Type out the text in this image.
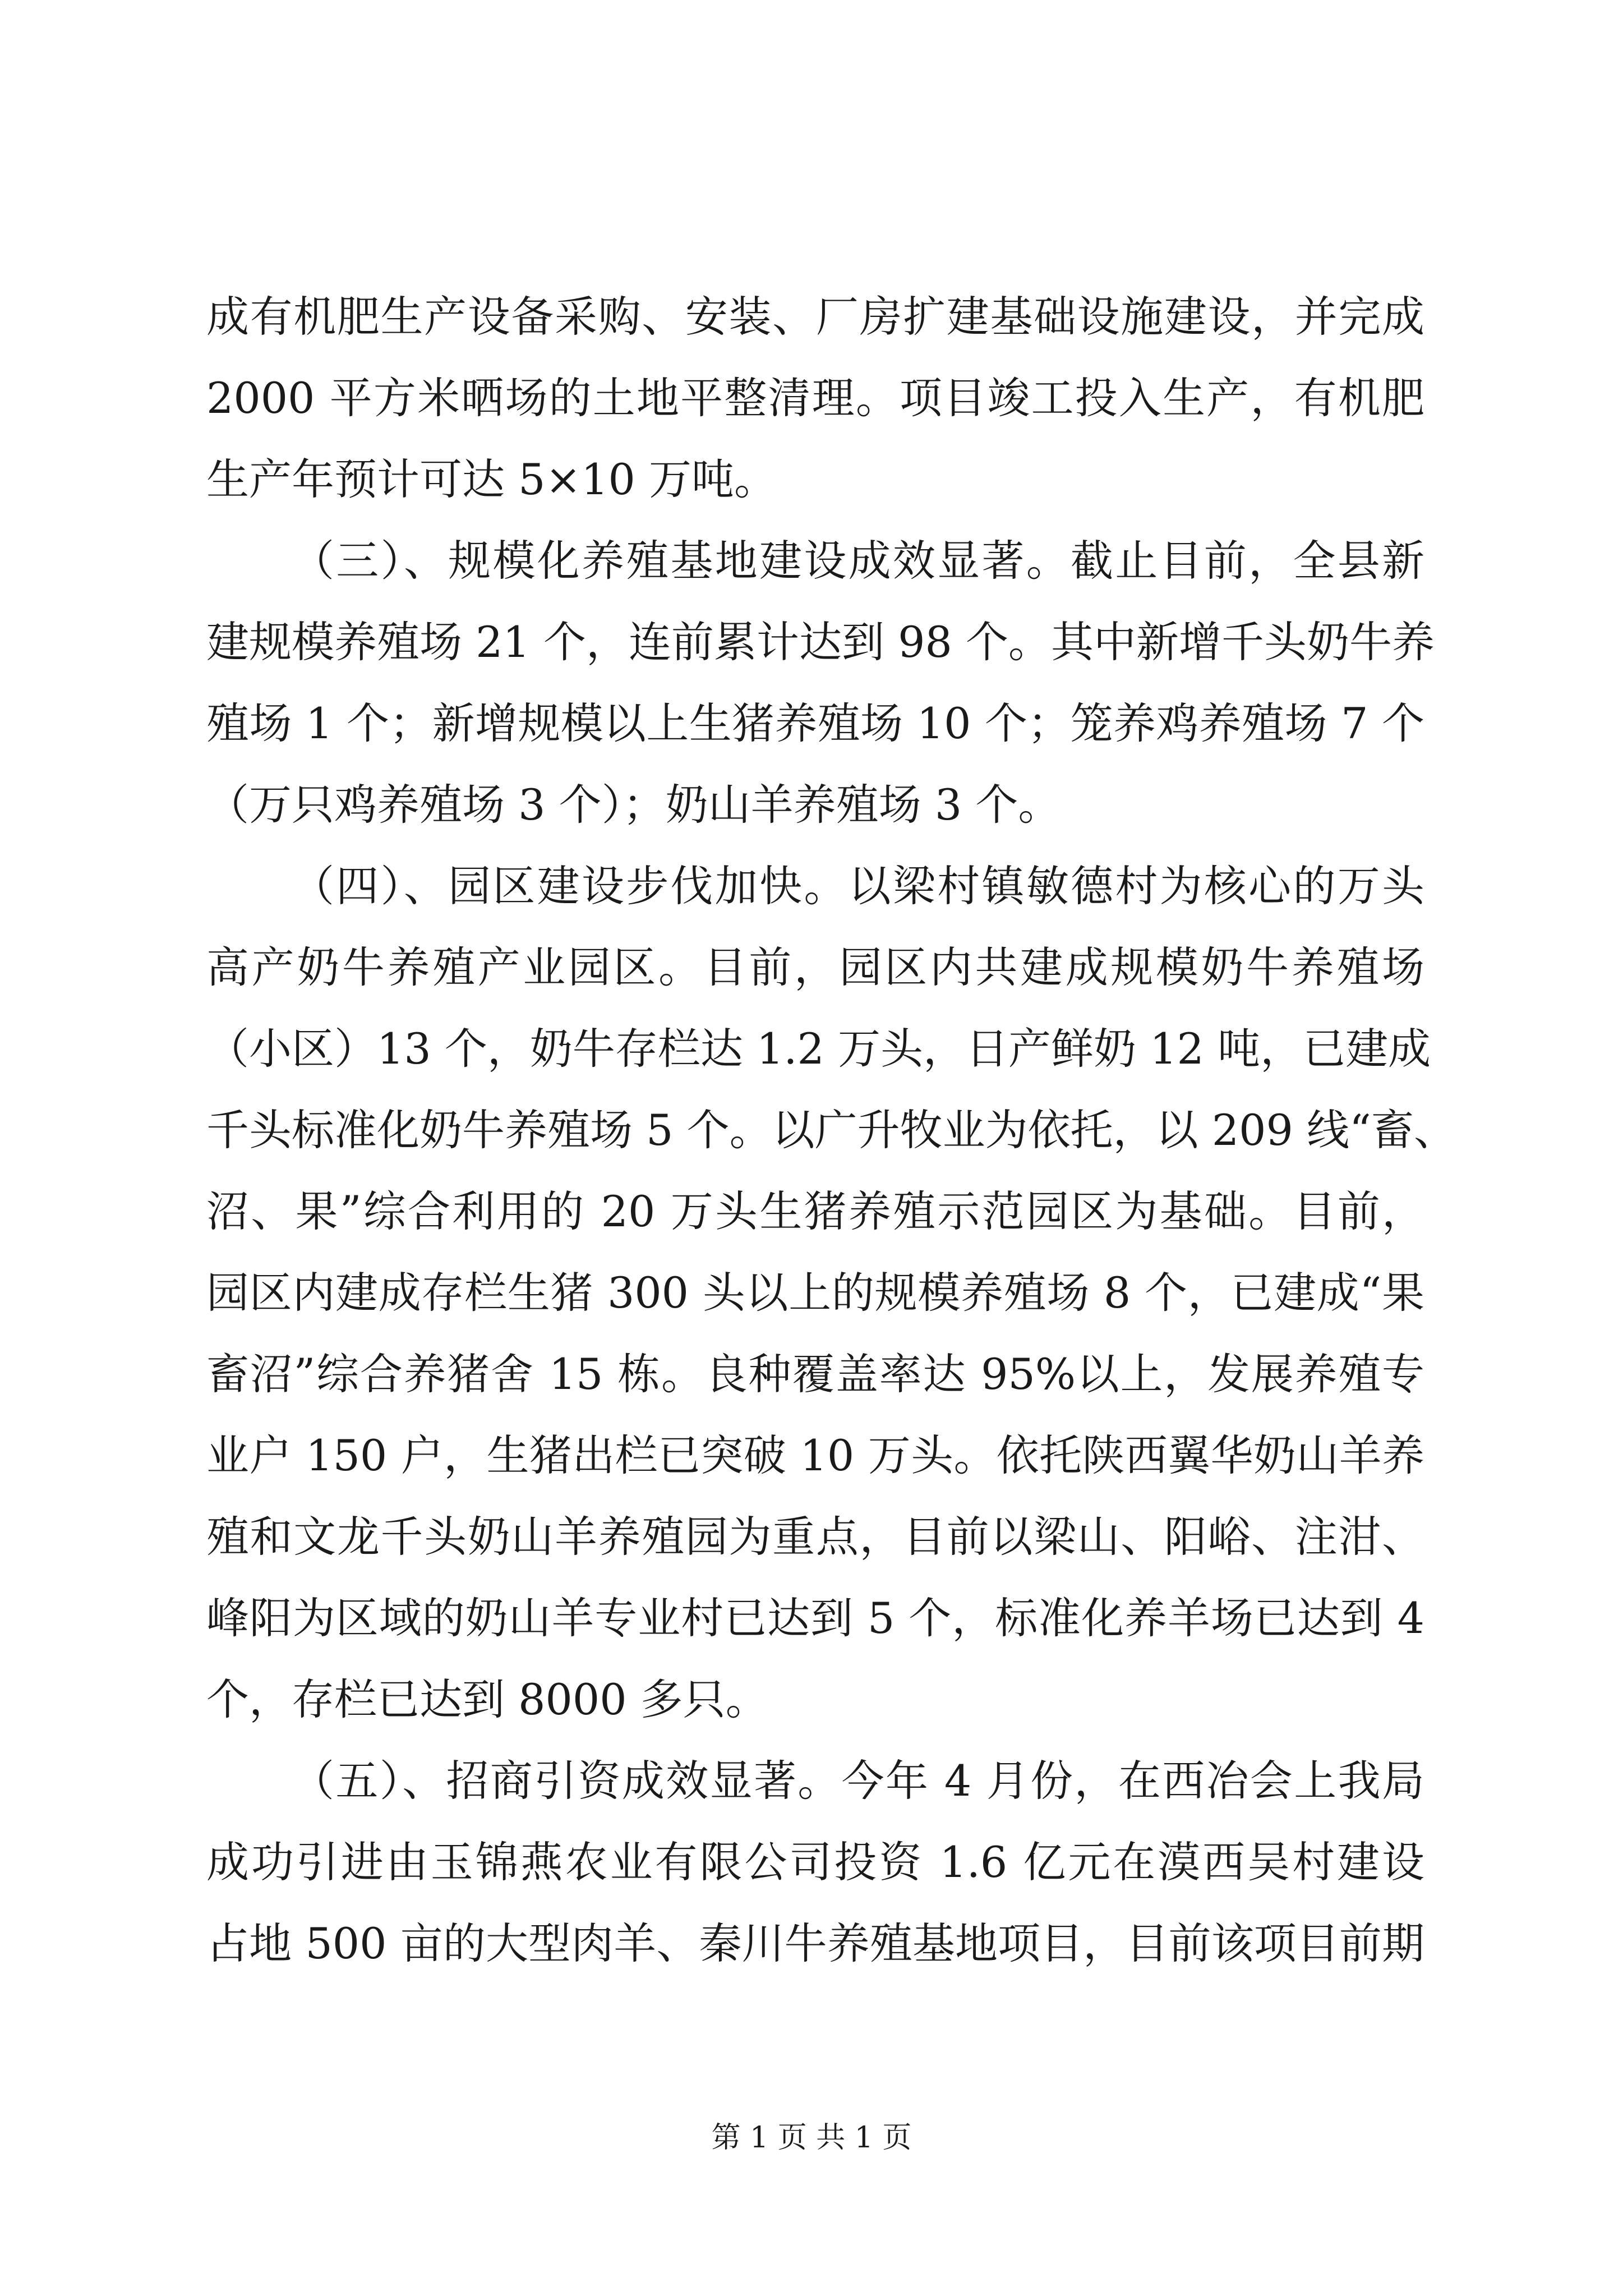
成有机肥生产设备采购、安装、厂房扩建基础设施建设，并完成
2000 平方米晒场的土地平整清理。项目竣工投入生产，有机肥
生产年预计可达 5×10 万吨。
（三）、规模化养殖基地建设成效显著。截止目前，全县新
建规模养殖场 21 个，连前累计达到 98 个。其中新增千头奶牛养
殖场 1 个；新增规模以上生猪养殖场 10 个；笼养鸡养殖场 7 个
（万只鸡养殖场 3 个）；奶山羊养殖场 3 个。
（四）、园区建设步伐加快。以梁村镇敏德村为核心的万头
高产奶牛养殖产业园区。目前，园区内共建成规模奶牛养殖场
（小区）13 个，奶牛存栏达 1.2 万头，日产鲜奶 12 吨，已建成
千头标准化奶牛养殖场 5 个。以广升牧业为依托，以 209 线“畜、
沼、果”综合利用的 20 万头生猪养殖示范园区为基础。目前，
园区内建成存栏生猪 300 头以上的规模养殖场 8 个，已建成“果
畜沼”综合养猪舍 15 栋。良种覆盖率达 95%以上，发展养殖专
业户 150 户，生猪出栏已突破 10 万头。依托陕西翼华奶山羊养
殖和文龙千头奶山羊养殖园为重点，目前以梁山、阳峪、注泔、
峰阳为区域的奶山羊专业村已达到 5 个，标准化养羊场已达到 4
个，存栏已达到 8000 多只。
（五）、招商引资成效显著。今年 4 月份，在西冶会上我局
成功引进由玉锦燕农业有限公司投资 1.6 亿元在漠西吴村建设
占地 500 亩的大型肉羊、秦川牛养殖基地项目，目前该项目前期
第 1 页 共 1 页
